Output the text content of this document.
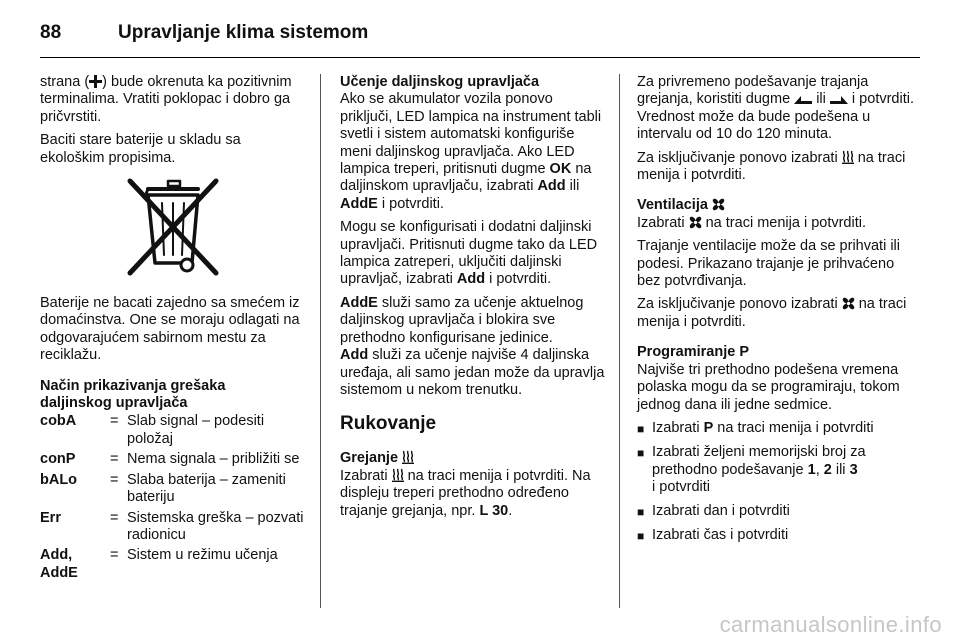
88	Upravljanje klima sistemom

strana ( ) bude okrenuta ka pozitivnim terminalima. Vratiti poklopac i dobro ga pričvrstiti.

Baciti stare baterije u skladu sa ekološkim propisima.

Baterije ne bacati zajedno sa smećem iz domaćinstva. One se moraju odlagati na odgovarajućem sabirnom mestu za reciklažu.

Način prikazivanja grešaka
daljinskog upravljača
cobA	= Slab signal – podesiti položaj
conP	= Nema signala – približiti se
bALo	= Slaba baterija – zameniti bateriju
Err	= Sistemska greška – pozvati radionicu
Add, AddE
= Sistem u režimu učenja
Učenje daljinskog upravljača

Ako se akumulator vozila ponovo priključi, LED lampica na instrument tabli svetli i sistem automatski konfiguriše meni daljinskog upravljača. Ako LED lampica treperi, pritisnuti dugme OK na daljinskom upravljaču, izabrati Add ili AddE i potvrditi.

Mogu se konfigurisati i dodatni daljinski upravljači. Pritisnuti dugme tako da LED lampica zatreperi, uključiti daljinski upravljač, izabrati Add i potvrditi.

AddE služi samo za učenje aktuelnog daljinskog upravljača i blokira sve prethodno konfigurisane jedinice.
Add služi za učenje najviše 4 daljinska uređaja, ali samo jedan može da upravlja sistemom u nekom trenutku.

Rukovanje
Grejanje

Izabrati  na traci menija i potvrditi. Na displeju treperi prethodno određeno trajanje grejanja, npr. L 30.

Za privremeno podešavanje trajanja grejanja, koristiti dugme  ili  i potvrditi. Vrednost može da bude podešena u intervalu od 10 do 120 minuta.

Za isključivanje ponovo izabrati  na traci menija i potvrditi.

Ventilacija

Izabrati  na traci menija i potvrditi.

Trajanje ventilacije može da se prihvati ili podesi. Prikazano trajanje je prihvaćeno bez potvrđivanja.

Za isključivanje ponovo izabrati  na traci menija i potvrditi.

Programiranje P

Najviše tri prethodno podešena vremena polaska mogu da se programiraju, tokom jednog dana ili jedne sedmice.

■ Izabrati P na traci menija i potvrditi
■ Izabrati željeni memorijski broj za prethodno podešavanje 1, 2 ili 3
i potvrditi
■ Izabrati dan i potvrditi
■ Izabrati čas i potvrditi
carmanualsonline.info
